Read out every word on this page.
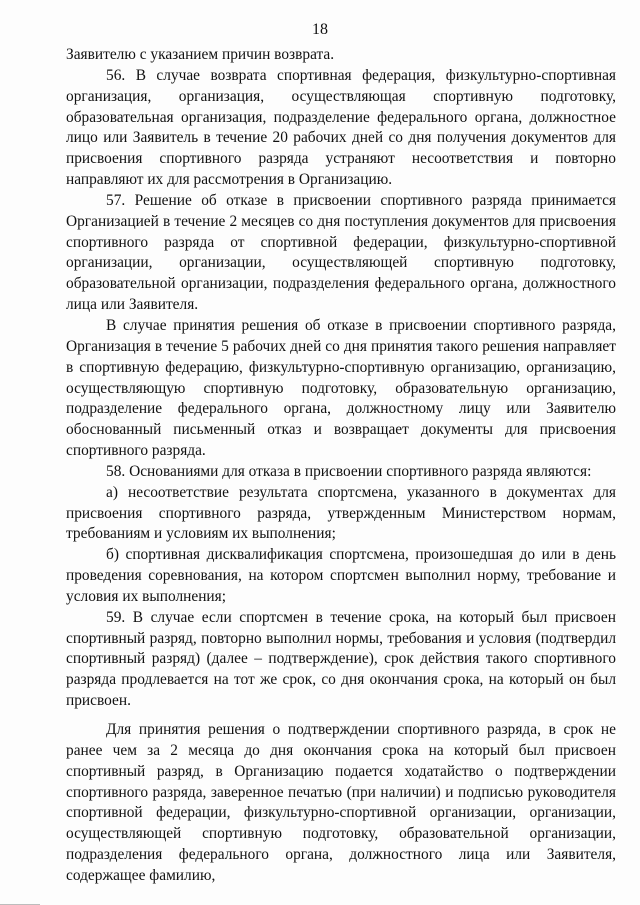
18

Заявителю с указанием причин возврата.

56. В случае возврата спортивная федерация, физкультурно-спортивная организация, организация, осуществляющая спортивную подготовку, образовательная организация, подразделение федерального органа, должностное лицо или Заявитель в течение 20 рабочих дней со дня получения документов для присвоения спортивного разряда устраняют несоответствия и повторно направляют их для рассмотрения в Организацию.

57. Решение об отказе в присвоении спортивного разряда принимается Организацией в течение 2 месяцев со дня поступления документов для присвоения спортивного разряда от спортивной федерации, физкультурно-спортивной организации, организации, осуществляющей спортивную подготовку, образовательной организации, подразделения федерального органа, должностного лица или Заявителя.

В случае принятия решения об отказе в присвоении спортивного разряда, Организация в течение 5 рабочих дней со дня принятия такого решения направляет в спортивную федерацию, физкультурно-спортивную организацию, организацию, осуществляющую спортивную подготовку, образовательную организацию, подразделение федерального органа, должностному лицу или Заявителю обоснованный письменный отказ и возвращает документы для присвоения спортивного разряда.

58. Основаниями для отказа в присвоении спортивного разряда являются:

а) несоответствие результата спортсмена, указанного в документах для присвоения спортивного разряда, утвержденным Министерством нормам, требованиям и условиям их выполнения;

б) спортивная дисквалификация спортсмена, произошедшая до или в день проведения соревнования, на котором спортсмен выполнил норму, требование и условия их выполнения;

59. В случае если спортсмен в течение срока, на который был присвоен спортивный разряд, повторно выполнил нормы, требования и условия (подтвердил спортивный разряд) (далее – подтверждение), срок действия такого спортивного разряда продлевается на тот же срок, со дня окончания срока, на который он был присвоен.

Для принятия решения о подтверждении спортивного разряда, в срок не ранее чем за 2 месяца до дня окончания срока на который был присвоен спортивный разряд, в Организацию подается ходатайство о подтверждении спортивного разряда, заверенное печатью (при наличии) и подписью руководителя спортивной федерации, физкультурно-спортивной организации, организации, осуществляющей спортивную подготовку, образовательной организации, подразделения федерального органа, должностного лица или Заявителя, содержащее фамилию,
